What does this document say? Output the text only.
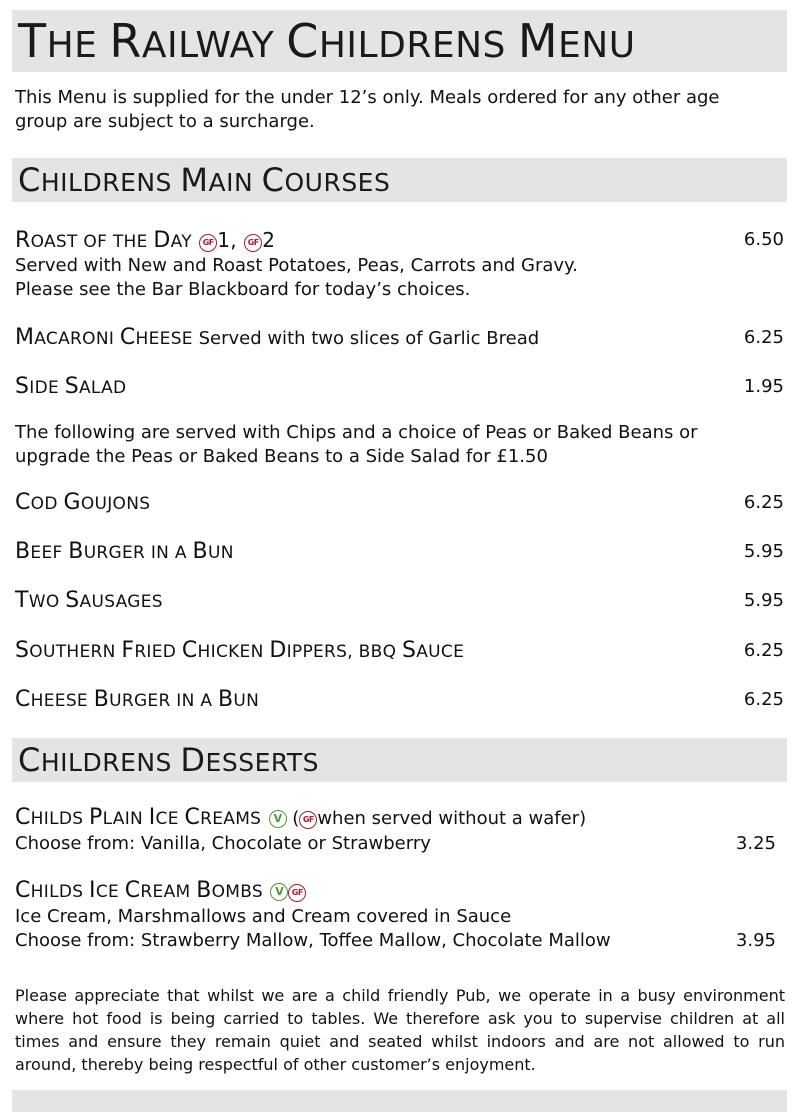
THE RAILWAY CHILDRENS MENU
This Menu is supplied for the under 12’s only. Meals ordered for any other age
group are subject to a surcharge.
CHILDRENS MAIN COURSES
ROAST OF THE DAY GF 1, GF 2	6.50
Served with New and Roast Potatoes, Peas, Carrots and Gravy.
Please see the Bar Blackboard for today’s choices.
MACARONI CHEESE Served with two slices of Garlic Bread	6.25
SIDE SALAD	1.95
The following are served with Chips and a choice of Peas or Baked Beans or
upgrade the Peas or Baked Beans to a Side Salad for £1.50
COD GOUJONS	6.25
BEEF BURGER IN A BUN	5.95
TWO SAUSAGES	5.95
SOUTHERN FRIED CHICKEN DIPPERS, BBQ SAUCE	6.25
CHEESE BURGER IN A BUN	6.25
CHILDRENS DESSERTS
CHILDS PLAIN ICE CREAMS V ( GF when served without a wafer)
Choose from: Vanilla, Chocolate or Strawberry	3.25
CHILDS ICE CREAM BOMBS V GF
Ice Cream, Marshmallows and Cream covered in Sauce
Choose from: Strawberry Mallow, Toffee Mallow, Chocolate Mallow	3.95
Please appreciate that whilst we are a child friendly Pub, we operate in a busy environment where hot food is being carried to tables. We therefore ask you to supervise children at all times and ensure they remain quiet and seated whilst indoors and are not allowed to run around, thereby being respectful of other customer’s enjoyment.
